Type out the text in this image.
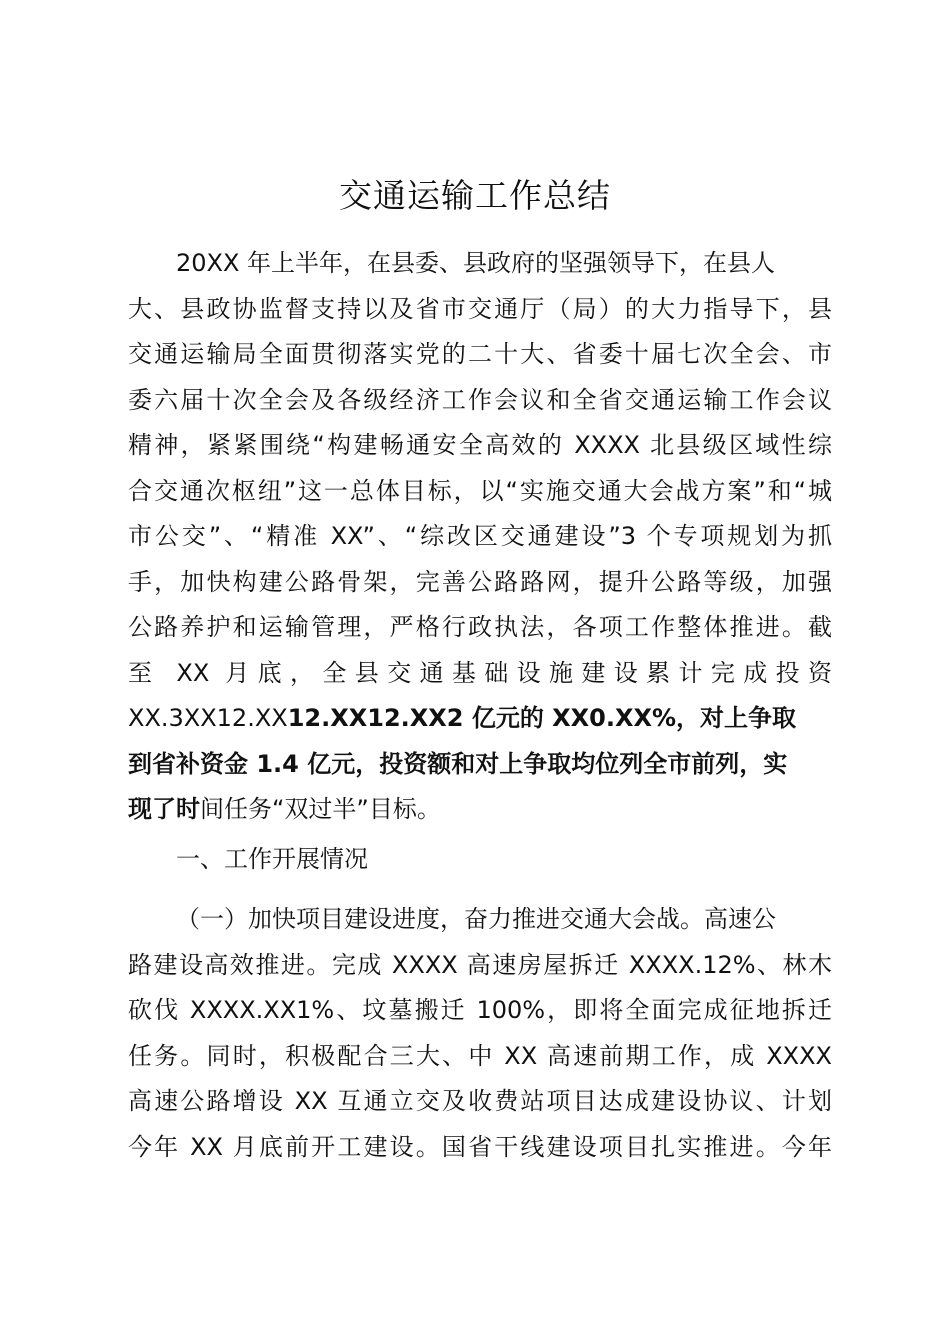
交通运输工作总结
20XX 年上半年，在县委、县政府的坚强领导下，在县人
大、县政协监督支持以及省市交通厅（局）的大力指导下，县
交通运输局全面贯彻落实党的二十大、省委十届七次全会、市
委六届十次全会及各级经济工作会议和全省交通运输工作会议
精神，紧紧围绕“构建畅通安全高效的 XXXX 北县级区域性综
合交通次枢纽”这一总体目标，以“实施交通大会战方案”和“城
市公交”、“精准 XX”、“综改区交通建设”3 个专项规划为抓
手，加快构建公路骨架，完善公路路网，提升公路等级，加强
公路养护和运输管理，严格行政执法，各项工作整体推进。截
至 XX 月底，全县交通基础设施建设累计完成投资
XX.3XX12.XX12.XX12.XX2 亿元的 XX0.XX%，对上争取
到省补资金 1.4 亿元，投资额和对上争取均位列全市前列，实
现了时间任务“双过半”目标。
一、工作开展情况
（一）加快项目建设进度，奋力推进交通大会战。高速公
路建设高效推进。完成 XXXX 高速房屋拆迁 XXXX.12%、林木
砍伐 XXXX.XX1%、坟墓搬迁 100%，即将全面完成征地拆迁
任务。同时，积极配合三大、中 XX 高速前期工作，成 XXXX
高速公路增设 XX 互通立交及收费站项目达成建设协议、计划
今年 XX 月底前开工建设。国省干线建设项目扎实推进。今年
